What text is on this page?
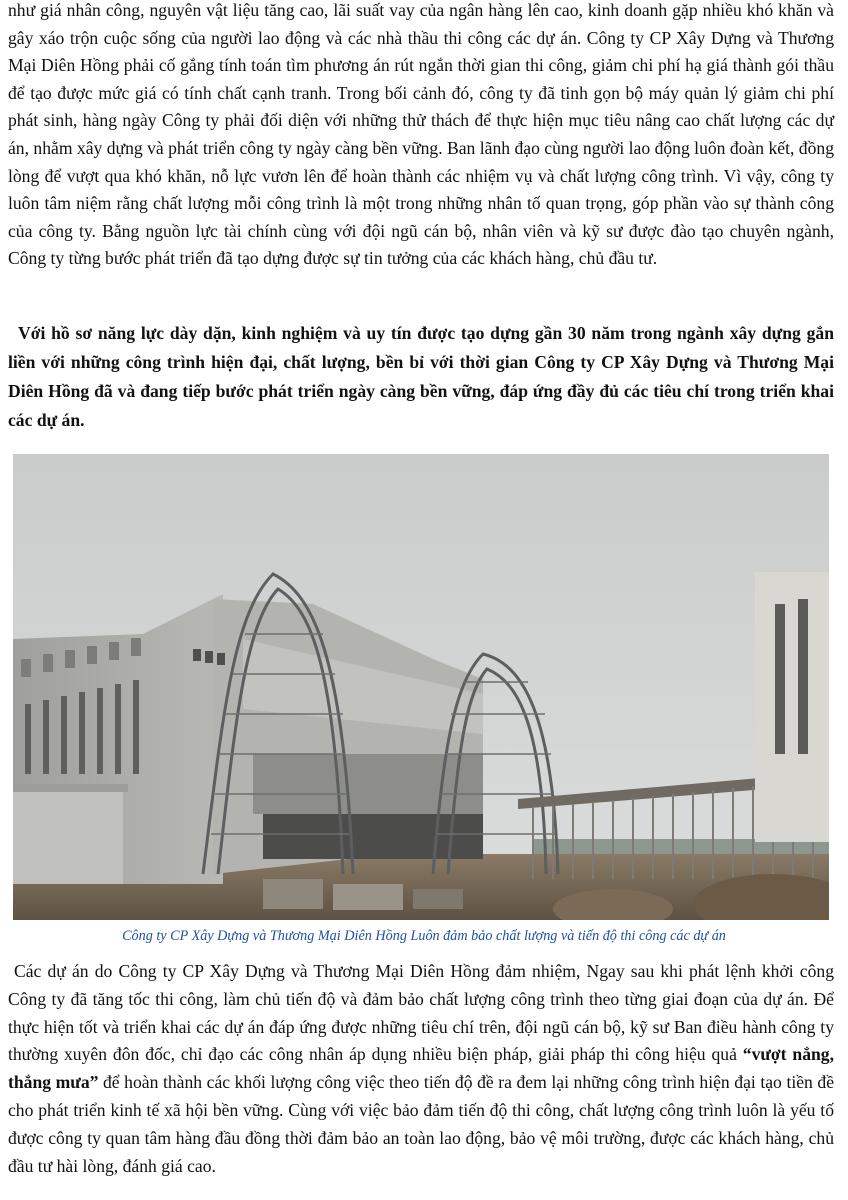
như giá nhân công, nguyên vật liệu tăng cao, lãi suất vay của ngân hàng lên cao, kinh doanh gặp nhiều khó khăn và gây xáo trộn cuộc sống của người lao động và các nhà thầu thi công các dự án. Công ty CP Xây Dựng và Thương Mại Diên Hồng phải cố gắng tính toán tìm phương án rút ngắn thời gian thi công, giảm chi phí hạ giá thành gói thầu để tạo được mức giá có tính chất cạnh tranh. Trong bối cảnh đó, công ty đã tinh gọn bộ máy quản lý giảm chi phí phát sinh, hàng ngày Công ty phải đối diện với những thử thách để thực hiện mục tiêu nâng cao chất lượng các dự án, nhằm xây dựng và phát triển công ty ngày càng bền vững. Ban lãnh đạo cùng người lao động luôn đoàn kết, đồng lòng để vượt qua khó khăn, nỗ lực vươn lên để hoàn thành các nhiệm vụ và chất lượng công trình. Vì vậy, công ty luôn tâm niệm rằng chất lượng mỗi công trình là một trong những nhân tố quan trọng, góp phần vào sự thành công của công ty. Bằng nguồn lực tài chính cùng với đội ngũ cán bộ, nhân viên và kỹ sư được đào tạo chuyên ngành, Công ty từng bước phát triển đã tạo dựng được sự tin tưởng của các khách hàng, chủ đầu tư.

Với hồ sơ năng lực dày dặn, kinh nghiệm và uy tín được tạo dựng gần 30 năm trong ngành xây dựng gắn liền với những công trình hiện đại, chất lượng, bền bỉ với thời gian Công ty CP Xây Dựng và Thương Mại Diên Hồng đã và đang tiếp bước phát triển ngày càng bền vững, đáp ứng đầy đủ các tiêu chí trong triển khai các dự án.

Công ty CP Xây Dựng và Thương Mại Diên Hồng Luôn đảm bảo chất lượng và tiến độ thi công các dự án

Các dự án do Công ty CP Xây Dựng và Thương Mại Diên Hồng đảm nhiệm, Ngay sau khi phát lệnh khởi công Công ty đã tăng tốc thi công, làm chủ tiến độ và đảm bảo chất lượng công trình theo từng giai đoạn của dự án. Để thực hiện tốt và triển khai các dự án đáp ứng được những tiêu chí trên, đội ngũ cán bộ, kỹ sư Ban điều hành công ty thường xuyên đôn đốc, chỉ đạo các công nhân áp dụng nhiều biện pháp, giải pháp thi công hiệu quả “vượt nắng, thắng mưa” để hoàn thành các khối lượng công việc theo tiến độ đề ra đem lại những công trình hiện đại tạo tiền đề cho phát triển kinh tế xã hội bền vững. Cùng với việc bảo đảm tiến độ thi công, chất lượng công trình luôn là yếu tố được công ty quan tâm hàng đầu đồng thời đảm bảo an toàn lao động, bảo vệ môi trường, được các khách hàng, chủ đầu tư hài lòng, đánh giá cao.
